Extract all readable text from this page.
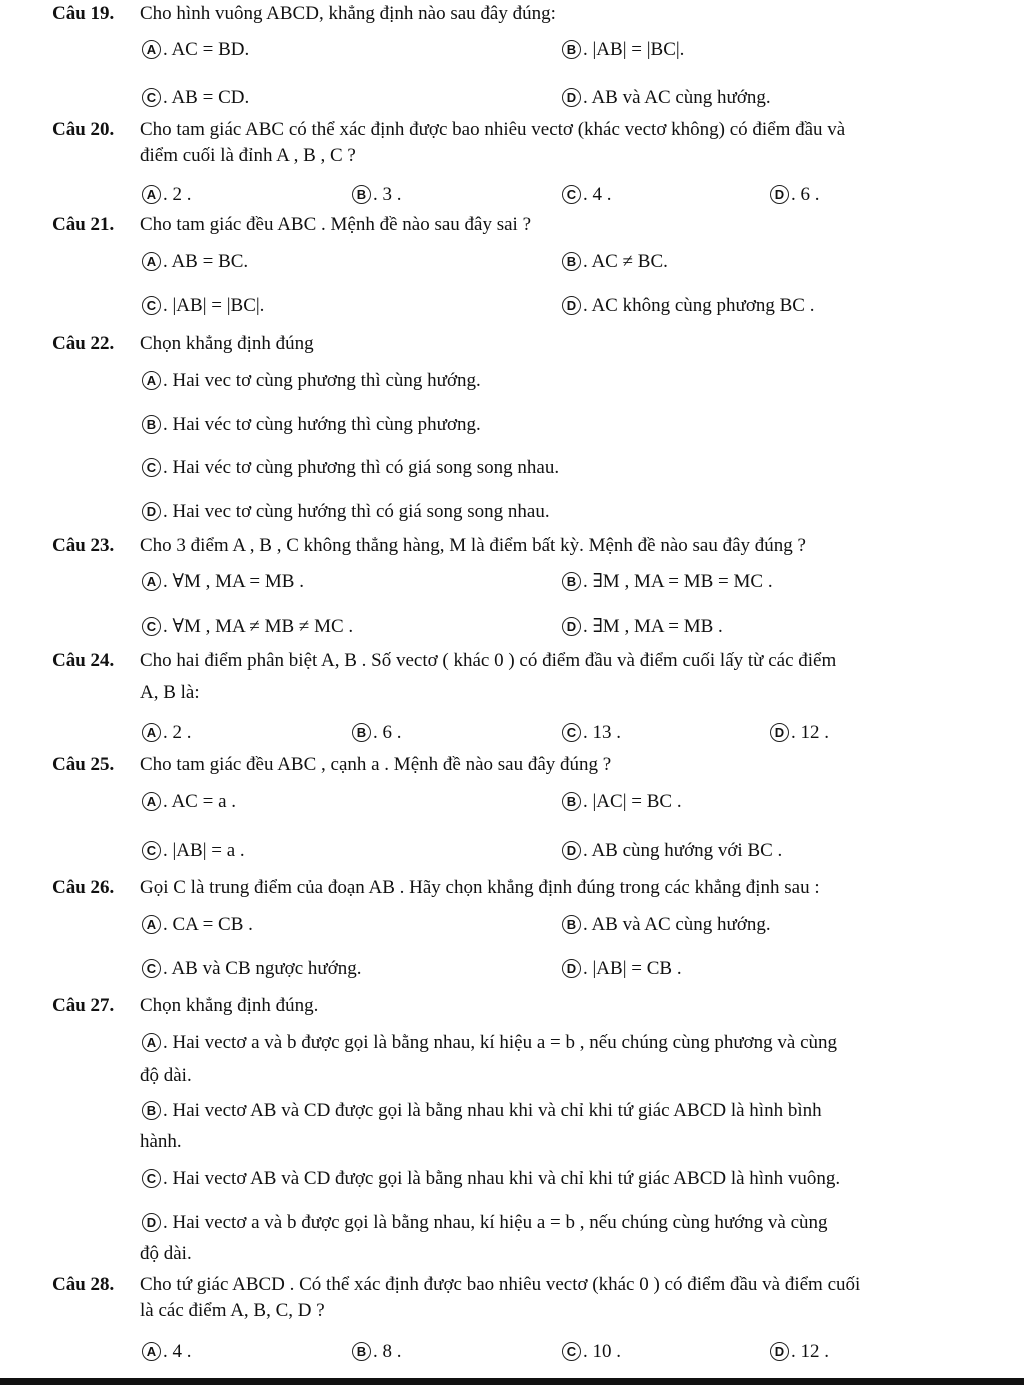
Câu 19. Cho hình vuông ABCD, khẳng định nào sau đây đúng:
A . AC = BD.	B . |AB| = |BC|.
C . AB = CD.	D . AB và AC cùng hướng.
Câu 20. Cho tam giác ABC có thể xác định được bao nhiêu vectơ (khác vectơ không) có điểm đầu và
điểm cuối là đỉnh A , B , C ?
A . 2 .	B . 3 .	C . 4 .	D . 6 .
Câu 21. Cho tam giác đều ABC . Mệnh đề nào sau đây sai ?
A . AB = BC.	B . AC ≠ BC.
C . |AB| = |BC|.	D . AC không cùng phương BC .
Câu 22. Chọn khẳng định đúng
A . Hai vec tơ cùng phương thì cùng hướng.
B . Hai véc tơ cùng hướng thì cùng phương.
C . Hai véc tơ cùng phương thì có giá song song nhau.
D . Hai vec tơ cùng hướng thì có giá song song nhau.
Câu 23. Cho 3 điểm A , B , C không thẳng hàng, M là điểm bất kỳ. Mệnh đề nào sau đây đúng ?
A . ∀M , MA = MB .	B . ∃M , MA = MB = MC .
C . ∀M , MA ≠ MB ≠ MC .	D . ∃M , MA = MB .
Câu 24. Cho hai điểm phân biệt A, B . Số vectơ ( khác 0 ) có điểm đầu và điểm cuối lấy từ các điểm
A, B là:
A . 2 .	B . 6 .	C . 13 .	D . 12 .
Câu 25. Cho tam giác đều ABC , cạnh a . Mệnh đề nào sau đây đúng ?
A . AC = a .	B . |AC| = BC .
C . |AB| = a .	D . AB cùng hướng với BC .
Câu 26. Gọi C là trung điểm của đoạn AB . Hãy chọn khẳng định đúng trong các khẳng định sau :
A . CA = CB .	B . AB và AC cùng hướng.
C . AB và CB ngược hướng.	D . |AB| = CB .
Câu 27. Chọn khẳng định đúng.
A . Hai vectơ a và b được gọi là bằng nhau, kí hiệu a = b , nếu chúng cùng phương và cùng
độ dài.
B . Hai vectơ AB và CD được gọi là bằng nhau khi và chỉ khi tứ giác ABCD là hình bình
hành.
C . Hai vectơ AB và CD được gọi là bằng nhau khi và chỉ khi tứ giác ABCD là hình vuông.
D . Hai vectơ a và b được gọi là bằng nhau, kí hiệu a = b , nếu chúng cùng hướng và cùng
độ dài.
Câu 28. Cho tứ giác ABCD . Có thể xác định được bao nhiêu vectơ (khác 0 ) có điểm đầu và điểm cuối
là các điểm A, B, C, D ?
A . 4 .	B . 8 .	C . 10 .	D . 12 .
